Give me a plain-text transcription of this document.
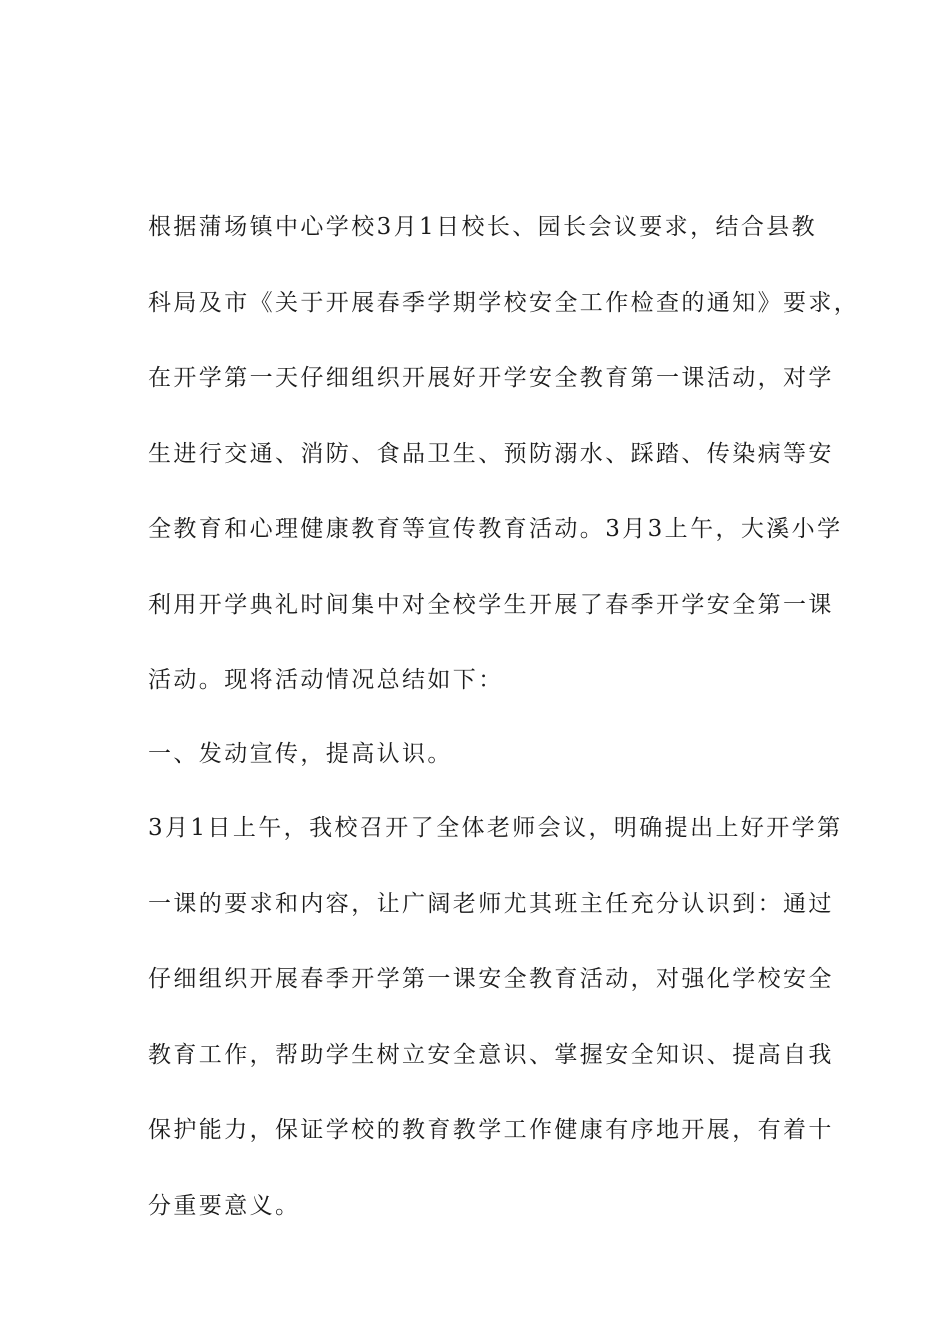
根据蒲场镇中心学校3月1日校长、园长会议要求，结合县教
科局及市《关于开展春季学期学校安全工作检查的通知》要求，
在开学第一天仔细组织开展好开学安全教育第一课活动，对学
生进行交通、消防、食品卫生、预防溺水、踩踏、传染病等安
全教育和心理健康教育等宣传教育活动。3月3上午，大溪小学
利用开学典礼时间集中对全校学生开展了春季开学安全第一课
活动。现将活动情况总结如下：
一、发动宣传，提高认识。
3月1日上午，我校召开了全体老师会议，明确提出上好开学第
一课的要求和内容，让广阔老师尤其班主任充分认识到：通过
仔细组织开展春季开学第一课安全教育活动，对强化学校安全
教育工作，帮助学生树立安全意识、掌握安全知识、提高自我
保护能力，保证学校的教育教学工作健康有序地开展，有着十
分重要意义。
